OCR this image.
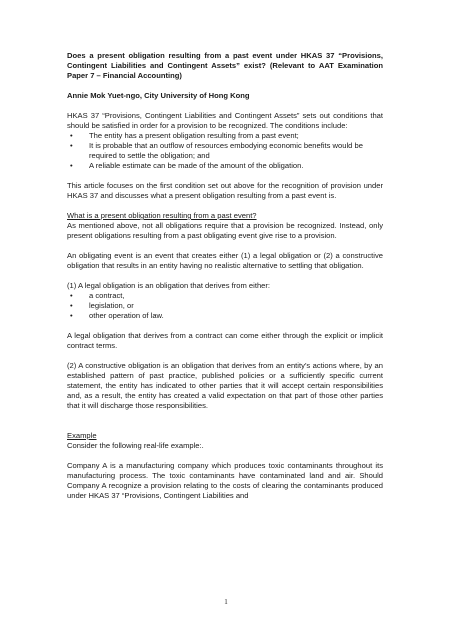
Does a present obligation resulting from a past event under HKAS 37 “Provisions, Contingent Liabilities and Contingent Assets” exist? (Relevant to AAT Examination Paper 7 – Financial Accounting)

Annie Mok Yuet-ngo, City University of Hong Kong

HKAS 37 “Provisions, Contingent Liabilities and Contingent Assets” sets out conditions that should be satisfied in order for a provision to be recognized. The conditions include:

• The entity has a present obligation resulting from a past event;
• It is probable that an outflow of resources embodying economic benefits would be required to settle the obligation; and
• A reliable estimate can be made of the amount of the obligation.

This article focuses on the first condition set out above for the recognition of provision under HKAS 37 and discusses what a present obligation resulting from a past event is.

What is a present obligation resulting from a past event?

As mentioned above, not all obligations require that a provision be recognized. Instead, only present obligations resulting from a past obligating event give rise to a provision.

An obligating event is an event that creates either (1) a legal obligation or (2) a constructive obligation that results in an entity having no realistic alternative to settling that obligation.

(1) A legal obligation is an obligation that derives from either:

• a contract,
• legislation, or
• other operation of law.

A legal obligation that derives from a contract can come either through the explicit or implicit contract terms.

(2) A constructive obligation is an obligation that derives from an entity’s actions where, by an established pattern of past practice, published policies or a sufficiently specific current statement, the entity has indicated to other parties that it will accept certain responsibilities and, as a result, the entity has created a valid expectation on that part of those other parties that it will discharge those responsibilities.

Example

Consider the following real-life example:.

Company A is a manufacturing company which produces toxic contaminants throughout its manufacturing process. The toxic contaminants have contaminated land and air. Should Company A recognize a provision relating to the costs of clearing the contaminants produced under HKAS 37 “Provisions, Contingent Liabilities and

1
